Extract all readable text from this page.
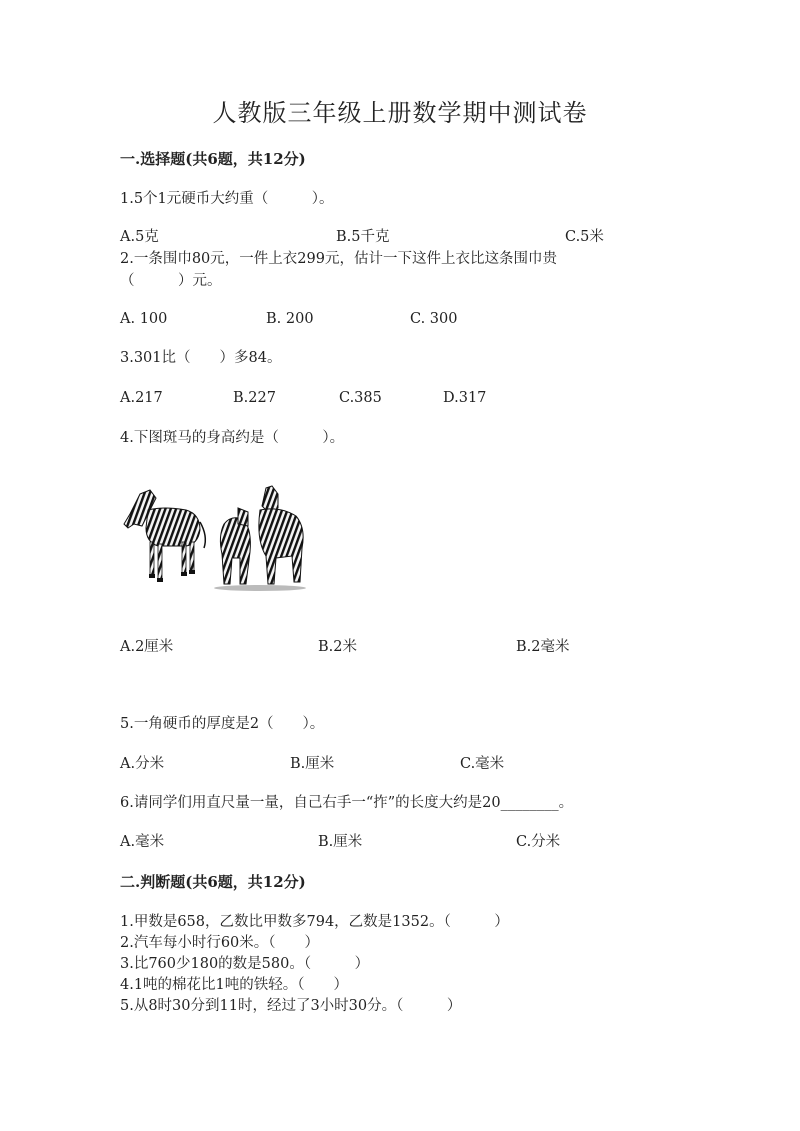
人教版三年级上册数学期中测试卷
一.选择题(共6题，共12分)
1.5个1元硬币大约重（　　　）。
A.5克	B.5千克	C.5米
2.一条围巾80元，一件上衣299元，估计一下这件上衣比这条围巾贵
（　　　）元。
A. 100	B. 200	C. 300
3.301比（　　）多84。
A.217	B.227	C.385	D.317
4.下图斑马的身高约是（　　　）。
A.2厘米	B.2米	B.2毫米
5.一角硬币的厚度是2（　　）。
A.分米	B.厘米	C.毫米
6.请同学们用直尺量一量，自己右手一“拃”的长度大约是20________。
A.毫米	B.厘米	C.分米
二.判断题(共6题，共12分)
1.甲数是658，乙数比甲数多794，乙数是1352。（　　　）
2.汽车每小时行60米。（　　）
3.比760少180的数是580。（　　　）
4.1吨的棉花比1吨的铁轻。（　　）
5.从8时30分到11时，经过了3小时30分。（　　　）
